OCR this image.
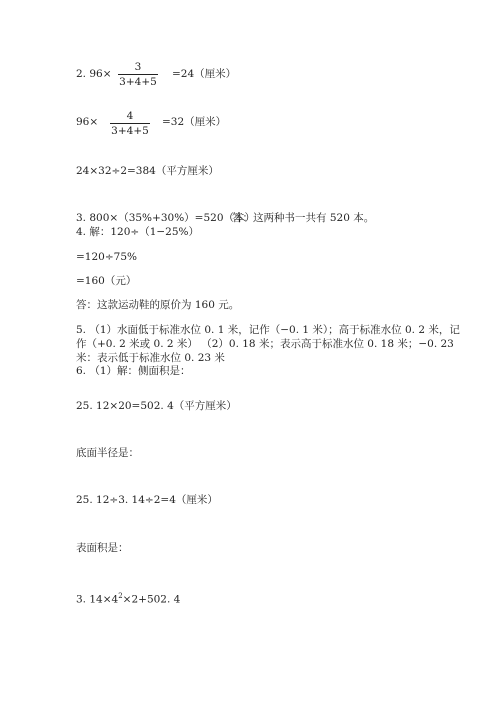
2. 96×
3
3+4+5
=24（厘米）
96×	4
3+4+5
=32（厘米）
24×32÷2=384（平方厘米）
3. 800×（35%+30%）=520（本）
答：这两种书一共有 520 本。
4. 解：120÷（1−25%）
=120÷75%
=160（元）
答：这款运动鞋的原价为 160 元。
5. （1）水面低于标准水位 0. 1 米，记作（−0. 1 米）；高于标准水位 0. 2 米，记
作（+0. 2 米或 0. 2 米） （2）0. 18 米；表示高于标准水位 0. 18 米；−0. 23
米：表示低于标准水位 0. 23 米
6. （1）解：侧面积是：
25. 12×20=502. 4（平方厘米）
底面半径是：
25. 12÷3. 14÷2=4（厘米）
表面积是：
3. $14\times 4^2\times 2+502$. 4
